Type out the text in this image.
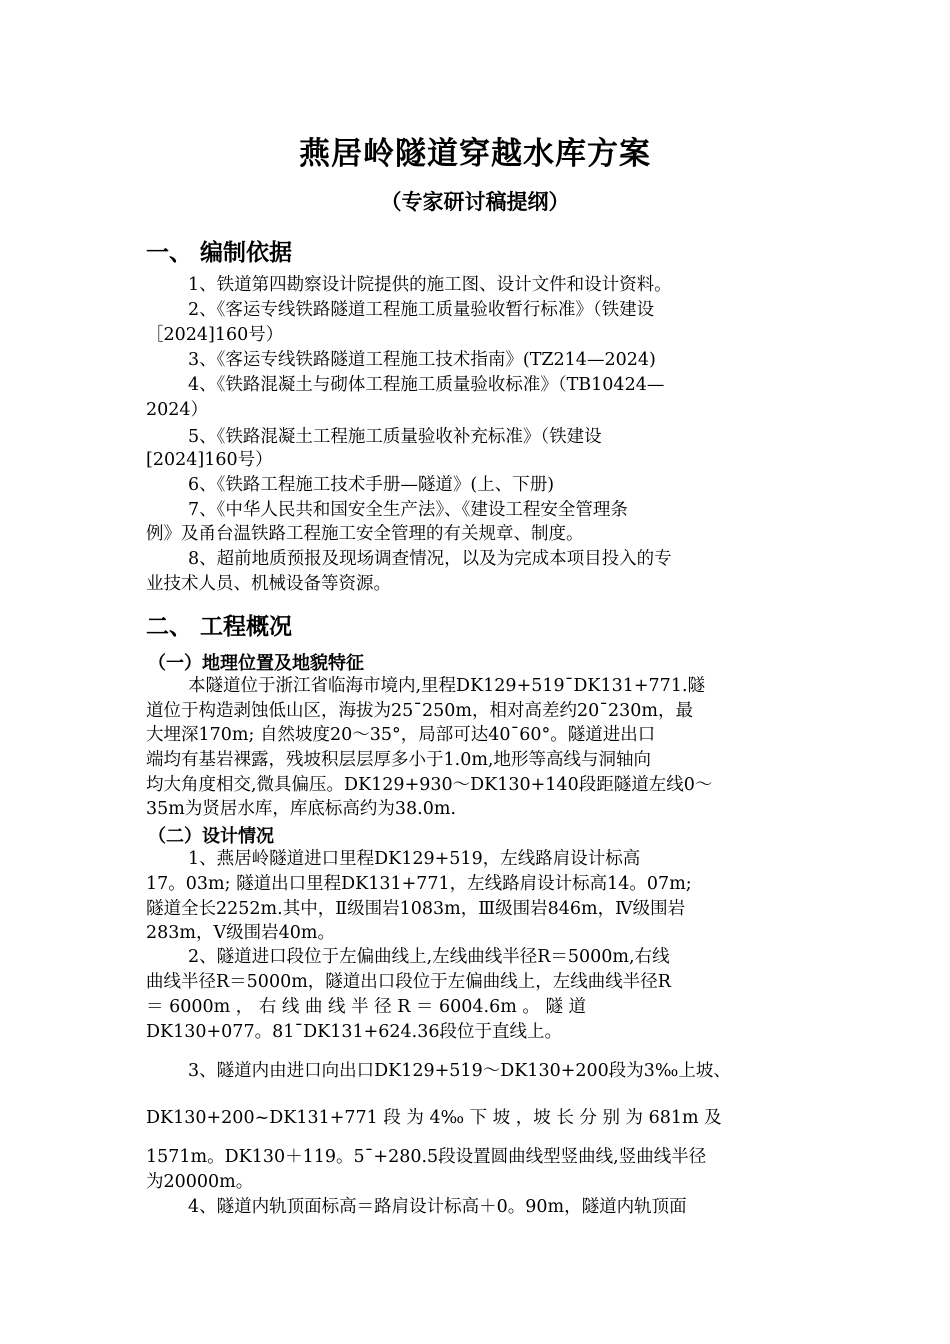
燕居岭隧道穿越水库方案
（专家研讨稿提纲）
一、 编制依据
1、铁道第四勘察设计院提供的施工图、设计文件和设计资料。
2、《客运专线铁路隧道工程施工质量验收暂行标准》（铁建设
［2024]160号）
3、《客运专线铁路隧道工程施工技术指南》(TZ214—2024)
4、《铁路混凝土与砌体工程施工质量验收标准》（TB10424—
2024）
5、《铁路混凝土工程施工质量验收补充标准》（铁建设
[2024]160号）
6、《铁路工程施工技术手册—隧道》(上、下册)
7、《中华人民共和国安全生产法》、《建设工程安全管理条
例》及甬台温铁路工程施工安全管理的有关规章、制度。
8、超前地质预报及现场调查情况，以及为完成本项目投入的专
业技术人员、机械设备等资源。
二、 工程概况
（一）地理位置及地貌特征
本隧道位于浙江省临海市境内,里程DK129+519¯DK131+771.隧
道位于构造剥蚀低山区，海拔为25¯250m，相对高差约20¯230m，最
大埋深170m; 自然坡度20～35°，局部可达40¯60°。隧道进出口
端均有基岩裸露，残坡积层层厚多小于1.0m,地形等高线与洞轴向
均大角度相交,微具偏压。DK129+930～DK130+140段距隧道左线0～
35m为贤居水库，库底标高约为38.0m.
（二）设计情况
1、燕居岭隧道进口里程DK129+519，左线路肩设计标高
17。03m; 隧道出口里程DK131+771，左线路肩设计标高14。07m;
隧道全长2252m.其中，Ⅱ级围岩1083m，Ⅲ级围岩846m，Ⅳ级围岩
283m，Ⅴ级围岩40m。
2、隧道进口段位于左偏曲线上,左线曲线半径R＝5000m,右线
曲线半径R＝5000m，隧道出口段位于左偏曲线上，左线曲线半径R
＝ 6000m ， 右 线 曲 线 半 径 R ＝ 6004.6m 。 隧 道
DK130+077。81¯DK131+624.36段位于直线上。
3、隧道内由进口向出口DK129+519～DK130+200段为3‰上坡、
DK130+200~DK131+771 段 为 4‰ 下 坡 ，坡 长 分 别 为 681m 及
1571m。DK130＋119。5¯+280.5段设置圆曲线型竖曲线,竖曲线半径
为20000m。
4、隧道内轨顶面标高＝路肩设计标高＋0。90m，隧道内轨顶面
